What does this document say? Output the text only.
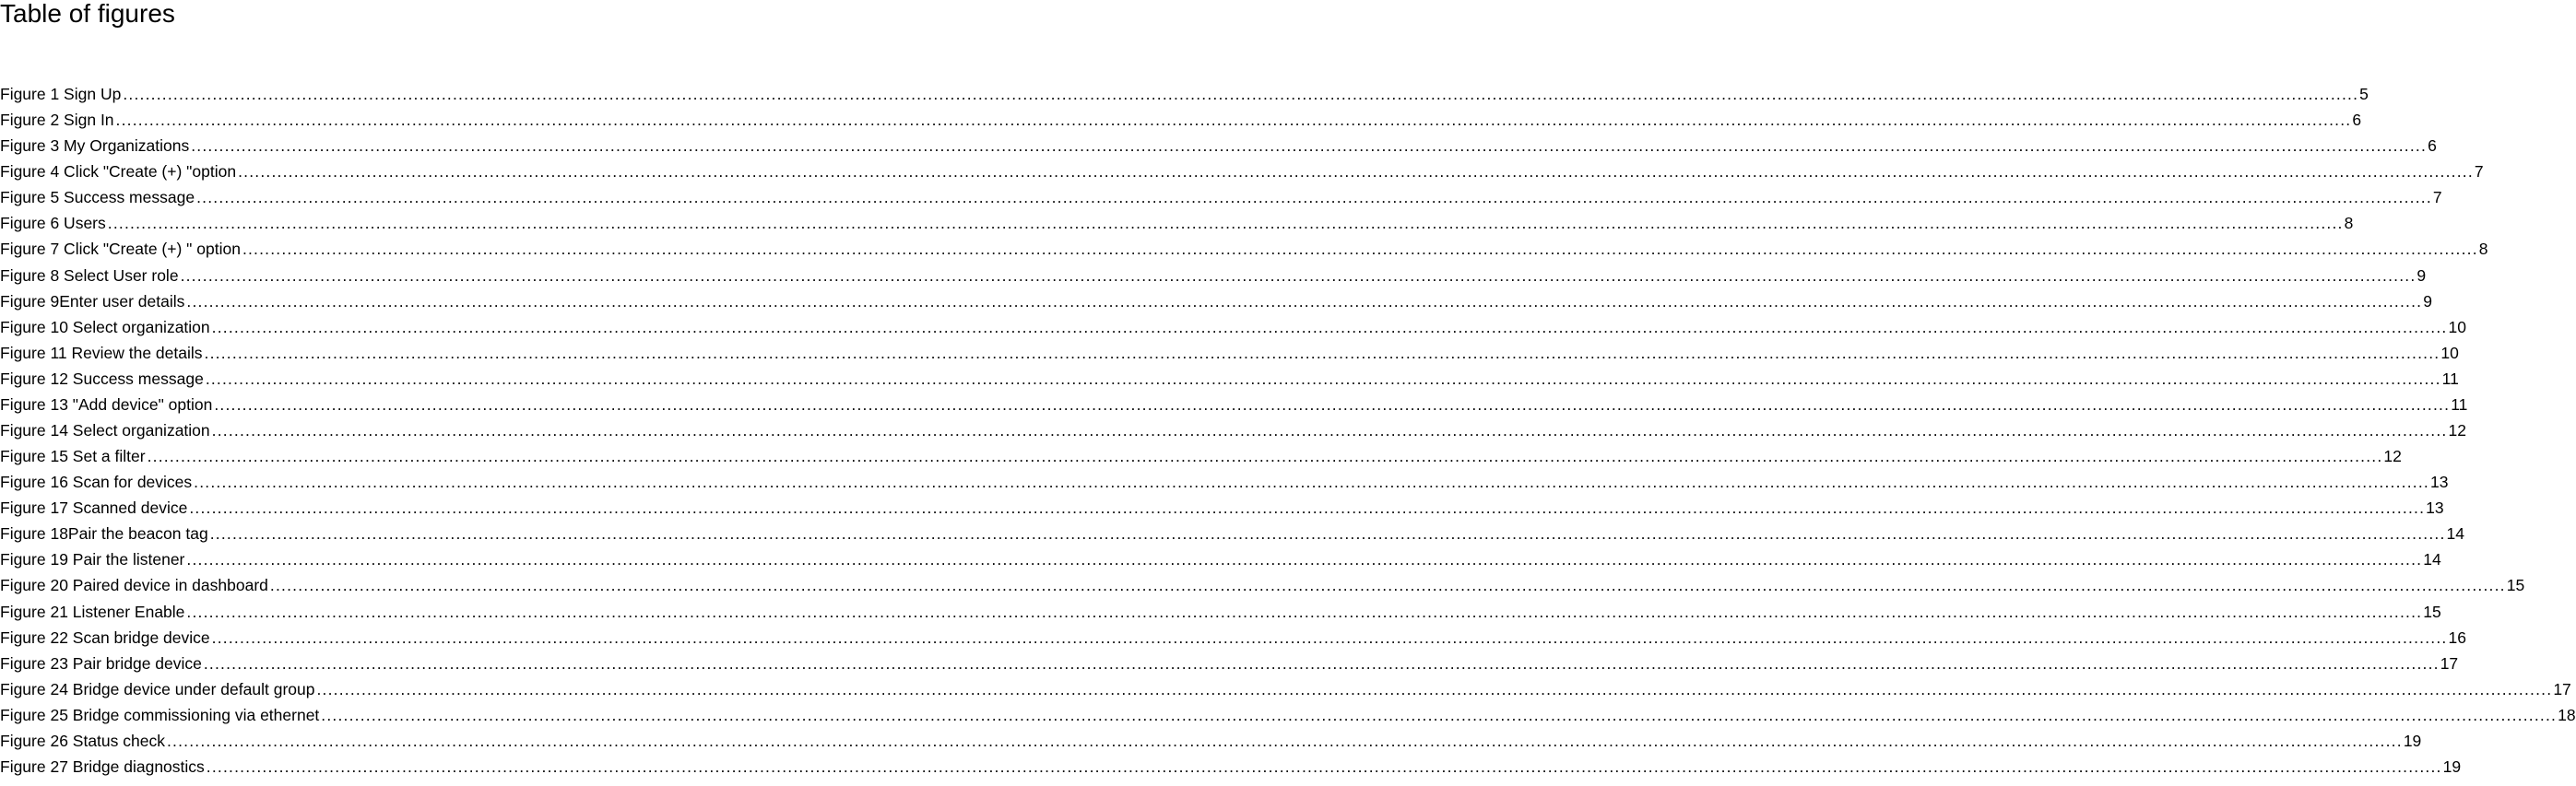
Table of figures
Figure 1 Sign Up ................................................................................................................................................................................................................................................................................................................................................................................................................ 5
Figure 2 Sign In ................................................................................................................................................................................................................................................................................................................................................................................................................ 6
Figure 3 My Organizations ................................................................................................................................................................................................................................................................................................................................................................................................................ 6
Figure 4 Click "Create (+) "option ................................................................................................................................................................................................................................................................................................................................................................................................................ 7
Figure 5 Success message ................................................................................................................................................................................................................................................................................................................................................................................................................ 7
Figure 6 Users ................................................................................................................................................................................................................................................................................................................................................................................................................ 8
Figure 7 Click "Create (+) " option ................................................................................................................................................................................................................................................................................................................................................................................................................ 8
Figure 8 Select User role ................................................................................................................................................................................................................................................................................................................................................................................................................ 9
Figure 9Enter user details ................................................................................................................................................................................................................................................................................................................................................................................................................ 9
Figure 10 Select organization ................................................................................................................................................................................................................................................................................................................................................................................................................ 10
Figure 11 Review the details ................................................................................................................................................................................................................................................................................................................................................................................................................ 10
Figure 12 Success message ................................................................................................................................................................................................................................................................................................................................................................................................................ 11
Figure 13 "Add device" option ................................................................................................................................................................................................................................................................................................................................................................................................................ 11
Figure 14 Select organization ................................................................................................................................................................................................................................................................................................................................................................................................................ 12
Figure 15 Set a filter ................................................................................................................................................................................................................................................................................................................................................................................................................ 12
Figure 16 Scan for devices ................................................................................................................................................................................................................................................................................................................................................................................................................ 13
Figure 17 Scanned device ................................................................................................................................................................................................................................................................................................................................................................................................................ 13
Figure 18Pair the beacon tag ................................................................................................................................................................................................................................................................................................................................................................................................................ 14
Figure 19 Pair the listener ................................................................................................................................................................................................................................................................................................................................................................................................................ 14
Figure 20 Paired device in dashboard ................................................................................................................................................................................................................................................................................................................................................................................................................ 15
Figure 21 Listener Enable ................................................................................................................................................................................................................................................................................................................................................................................................................ 15
Figure 22 Scan bridge device ................................................................................................................................................................................................................................................................................................................................................................................................................ 16
Figure 23 Pair bridge device ................................................................................................................................................................................................................................................................................................................................................................................................................ 17
Figure 24 Bridge device under default group ................................................................................................................................................................................................................................................................................................................................................................................................................ 17
Figure 25 Bridge commissioning via ethernet ................................................................................................................................................................................................................................................................................................................................................................................................................ 18
Figure 26 Status check ................................................................................................................................................................................................................................................................................................................................................................................................................ 19
Figure 27 Bridge diagnostics ................................................................................................................................................................................................................................................................................................................................................................................................................ 19
